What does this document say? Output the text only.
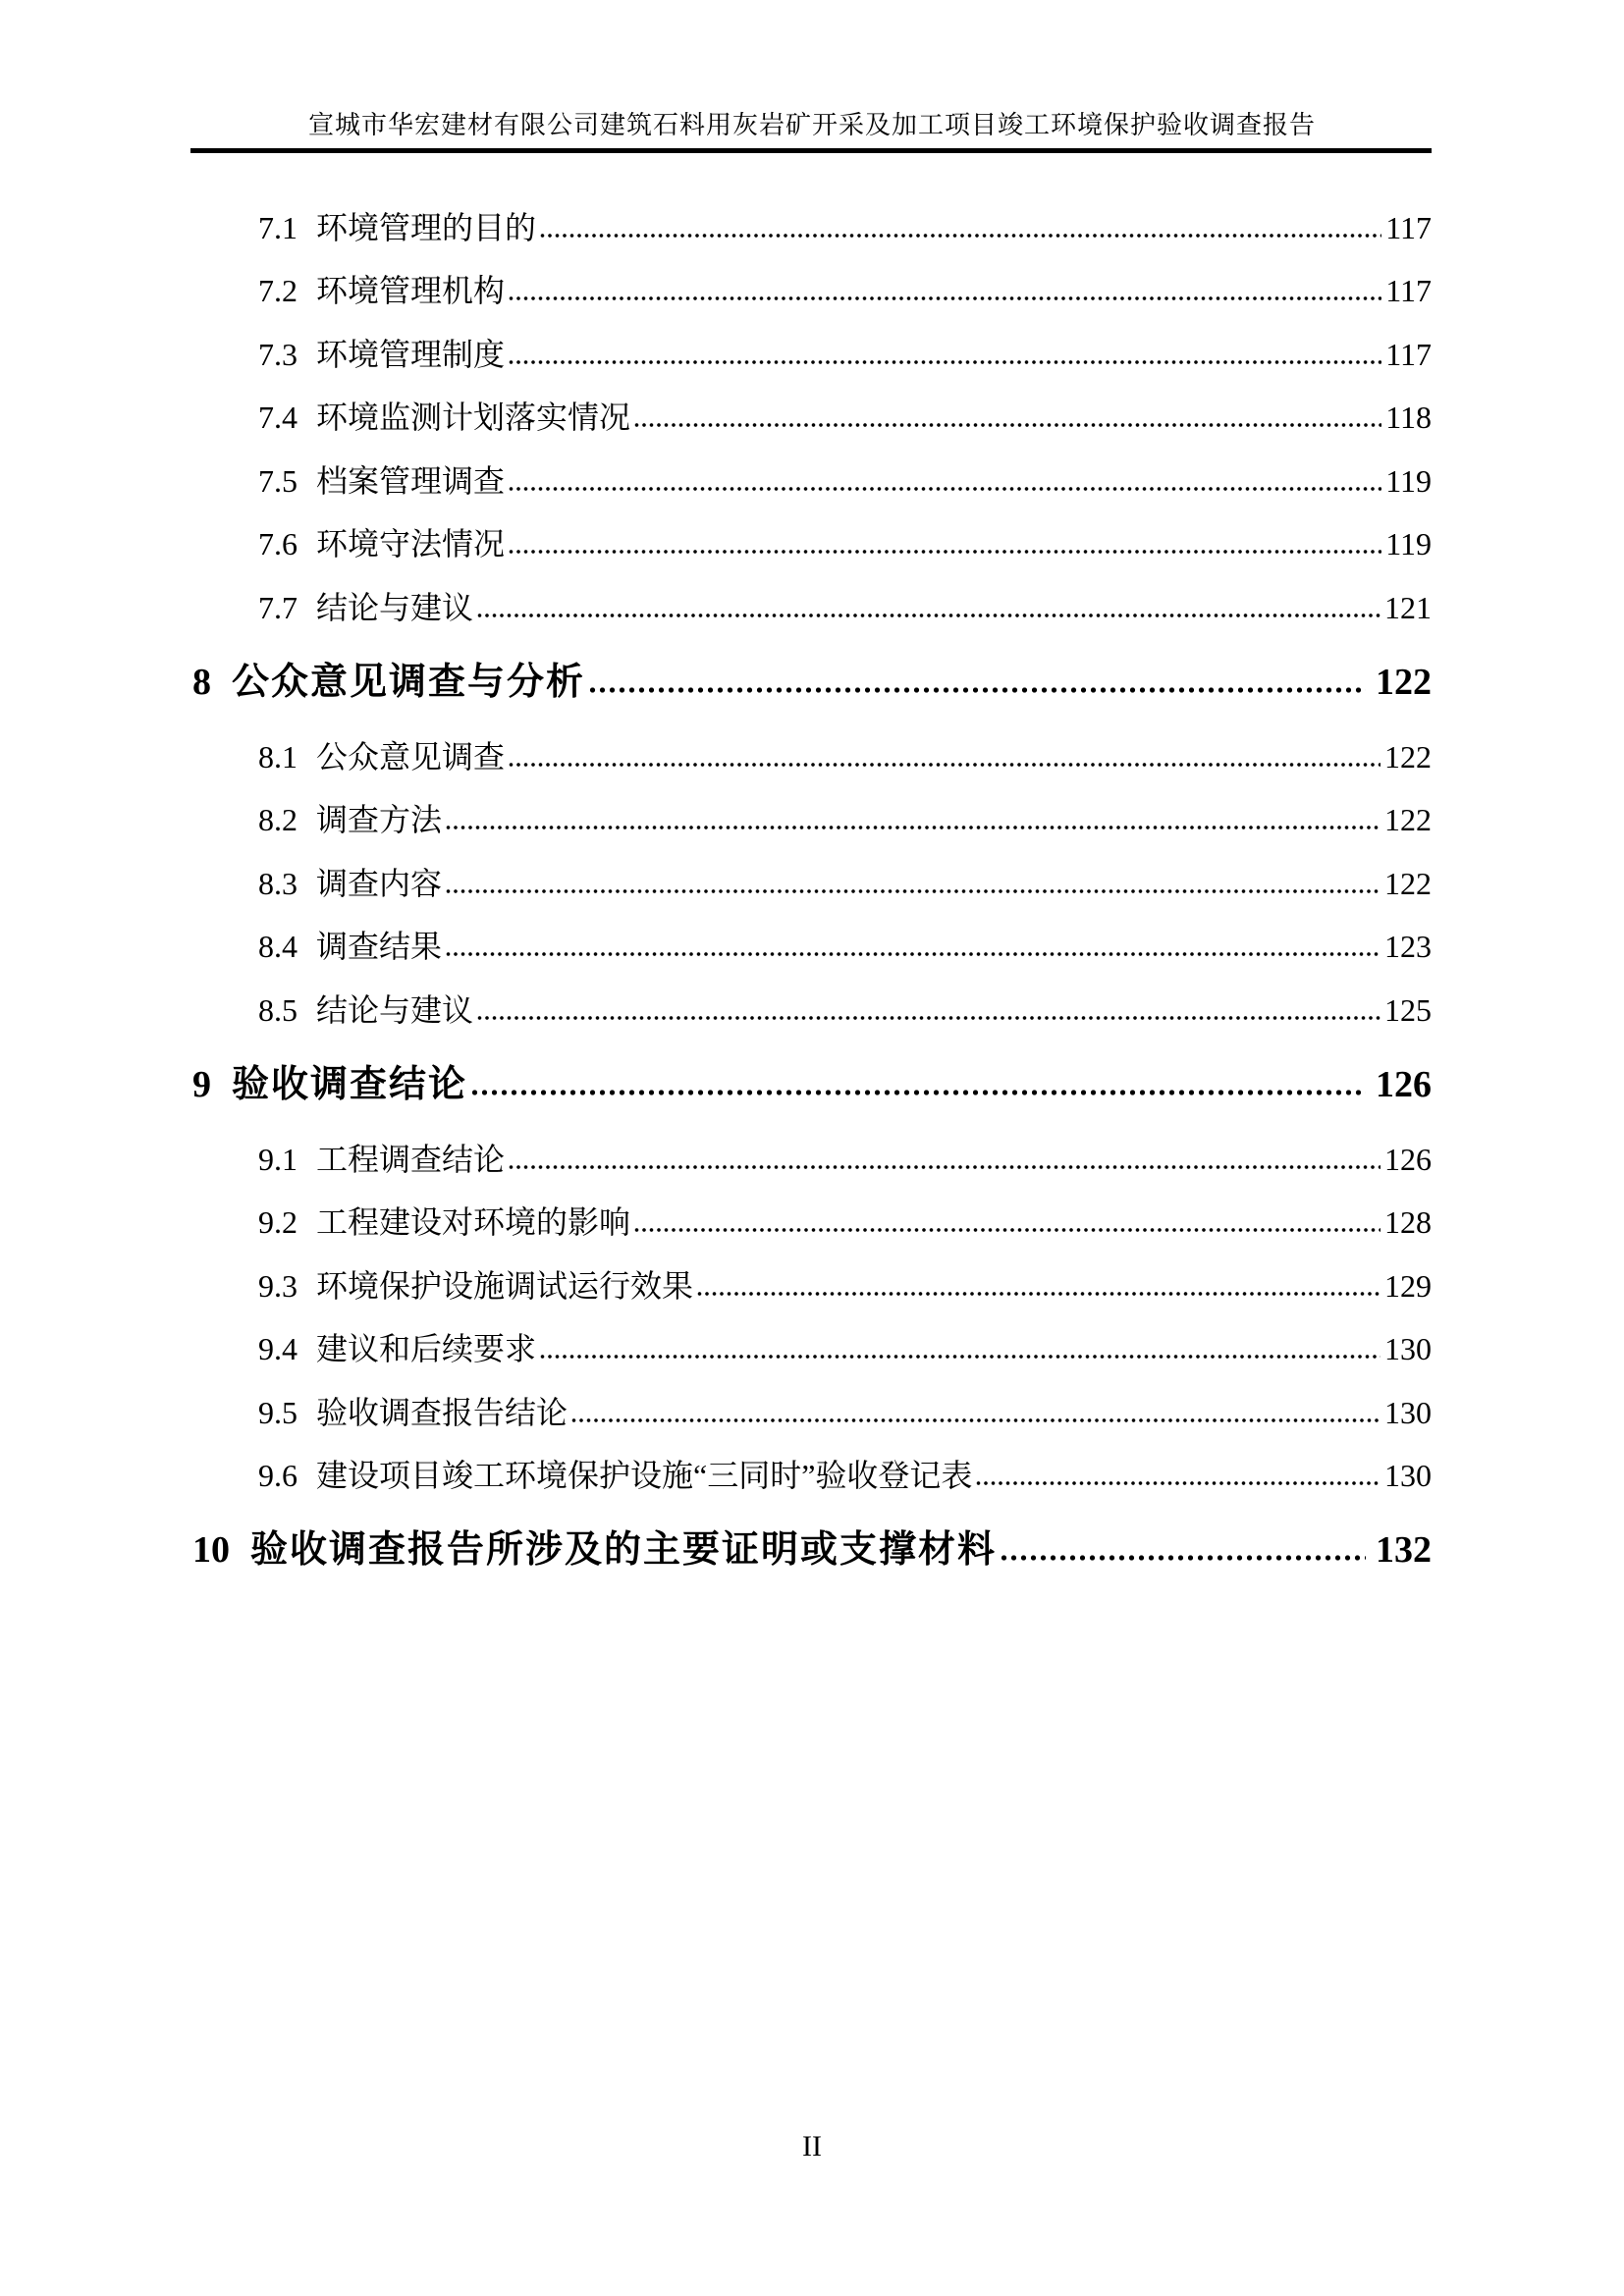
宣城市华宏建材有限公司建筑石料用灰岩矿开采及加工项目竣工环境保护验收调查报告
7.1 环境管理的目的	117
7.2 环境管理机构	117
7.3 环境管理制度	117
7.4 环境监测计划落实情况	118
7.5 档案管理调查	119
7.6 环境守法情况	119
7.7 结论与建议	121
8 公众意见调查与分析	122
8.1 公众意见调查	122
8.2 调查方法	122
8.3 调查内容	122
8.4 调查结果	123
8.5 结论与建议	125
9 验收调查结论	126
9.1 工程调查结论	126
9.2 工程建设对环境的影响	128
9.3 环境保护设施调试运行效果	129
9.4 建议和后续要求	130
9.5 验收调查报告结论	130
9.6 建设项目竣工环境保护设施“三同时”验收登记表	130
10 验收调查报告所涉及的主要证明或支撑材料	132
II
